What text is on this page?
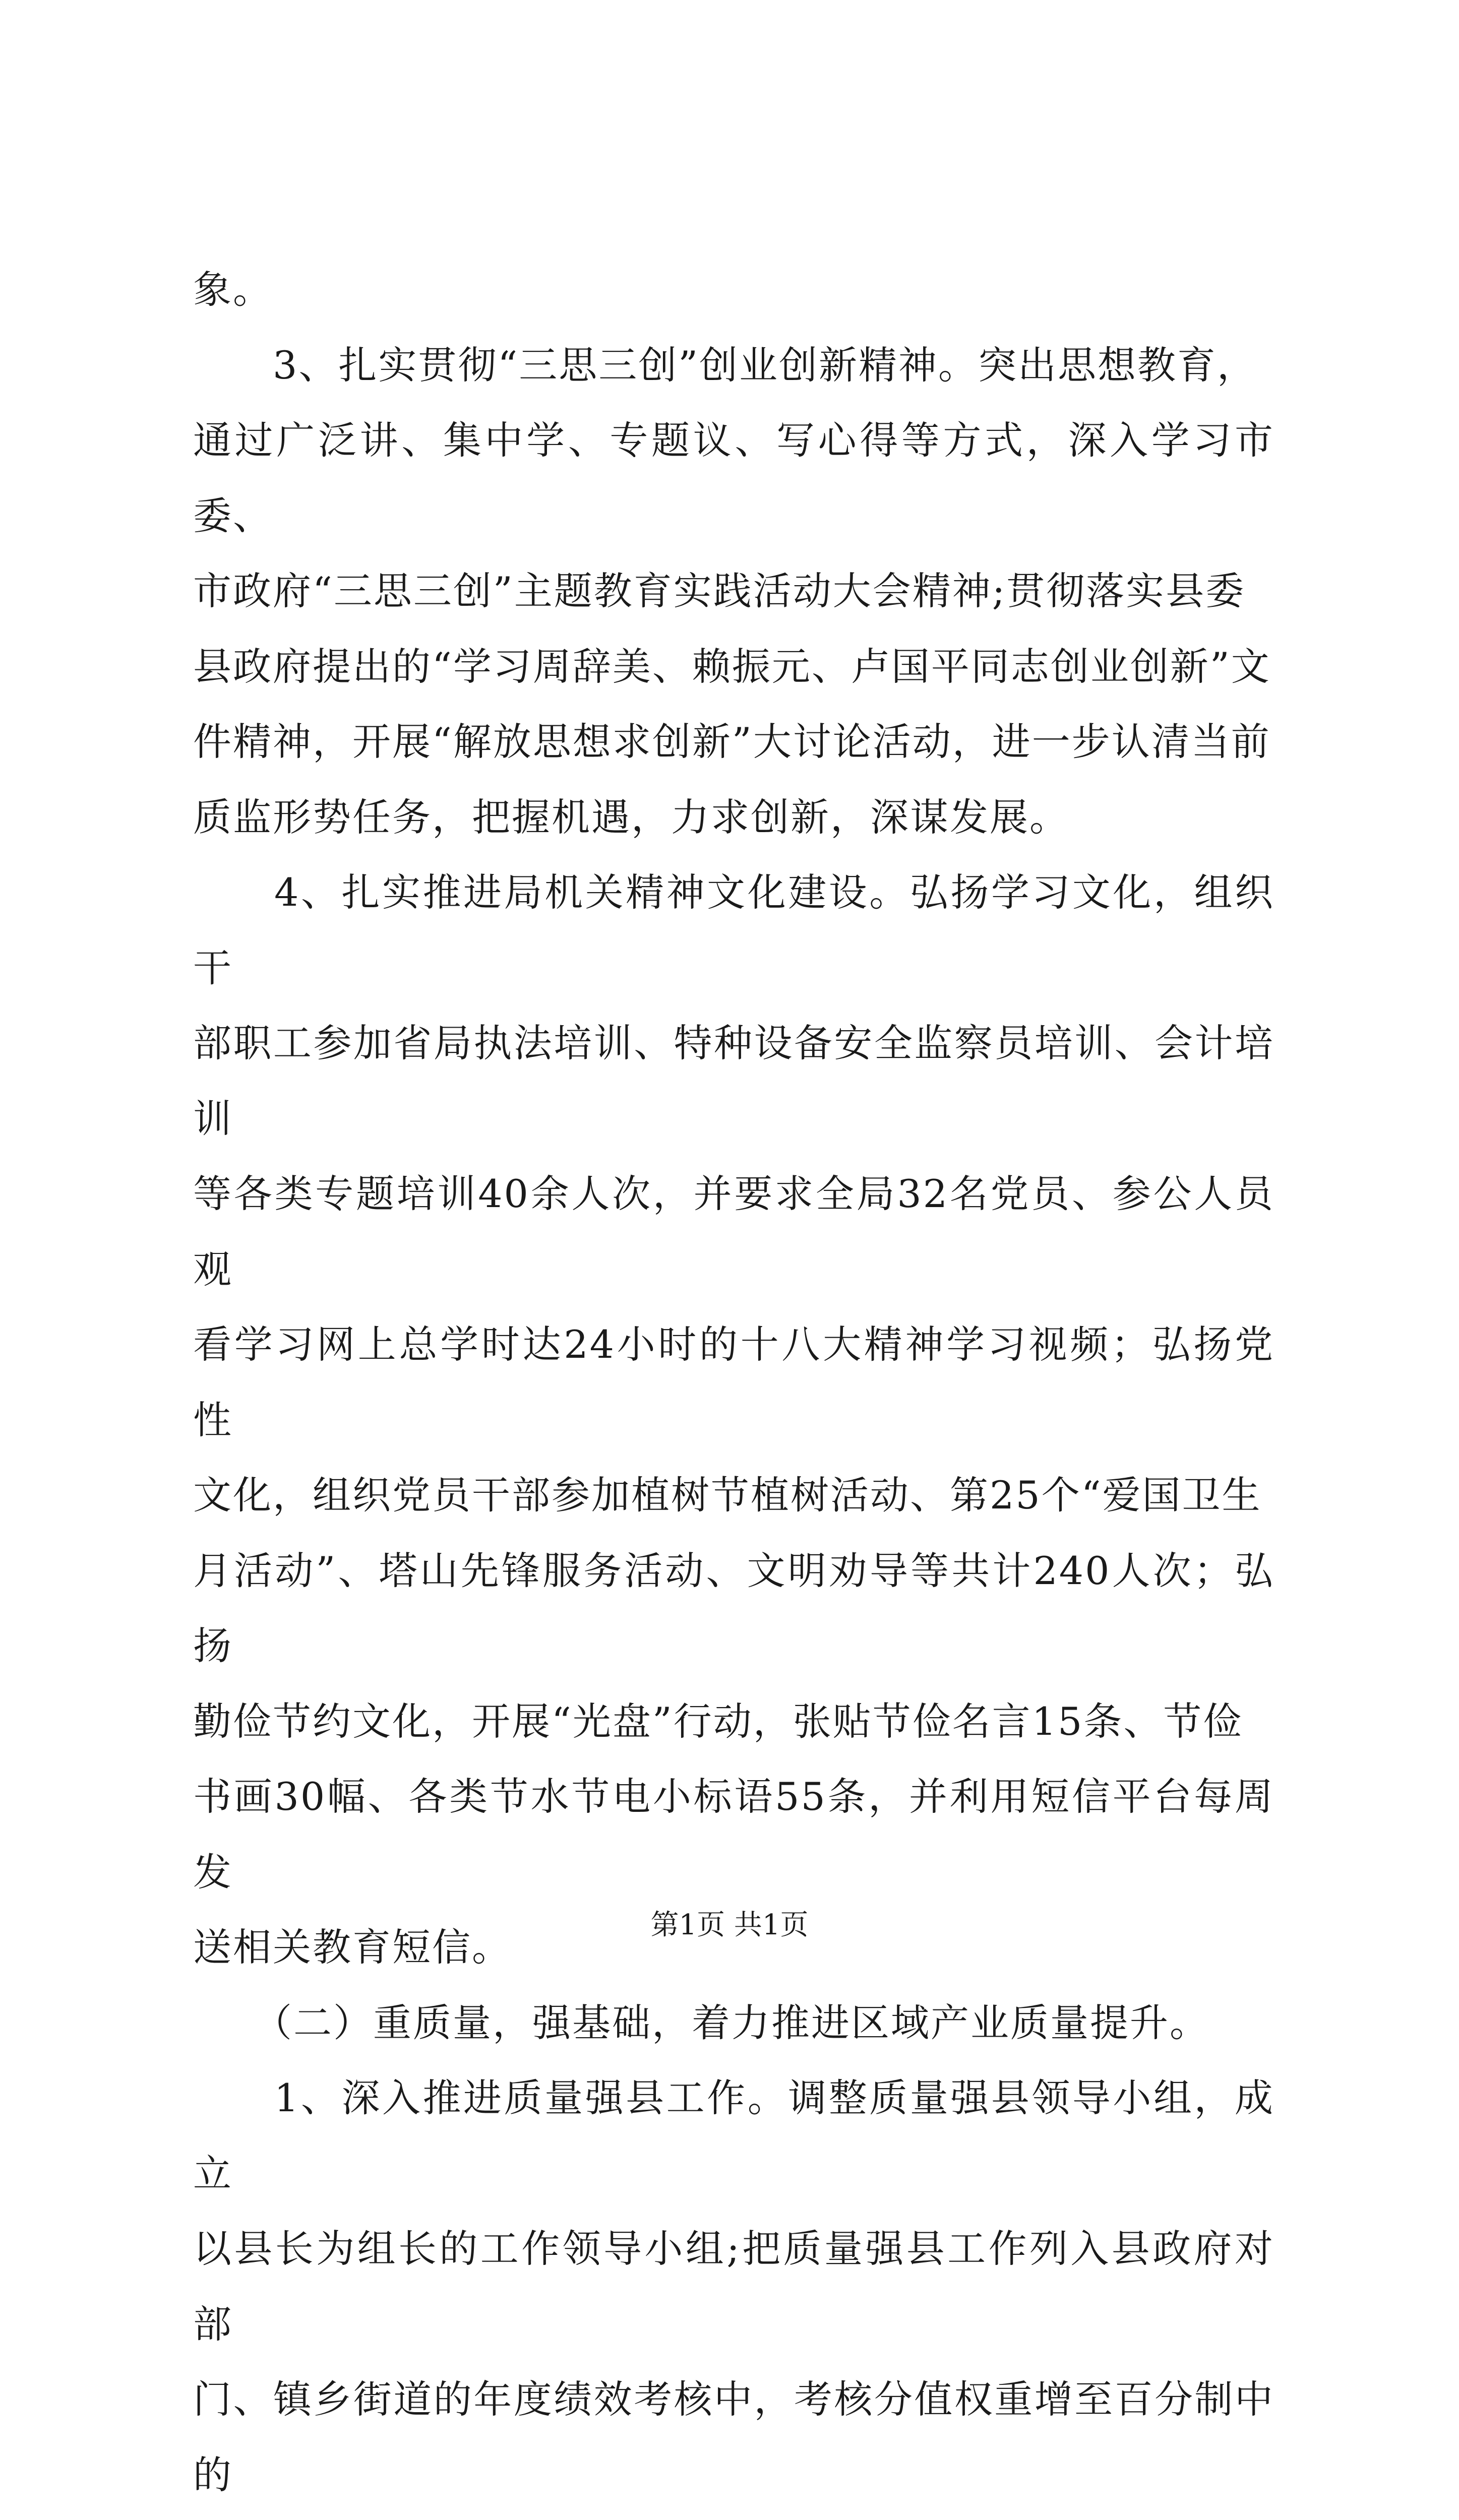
象。

　　3、扎实贯彻“三思三创”创业创新精神。突出思想教育，

通过广泛讲、集中学、专题议、写心得等方式，深入学习市委、

市政府“三思三创”主题教育实践活动大会精神;贯彻落实县委

县政府提出的“学习周辞美、赖振元、卢国平同志创业创新”文

件精神，开展“解放思想求创新”大讨论活动，进一步认清当前

质监形势任务，把握机遇，力求创新，深谋发展。

　　4、扎实推进局机关精神文化建设。弘扬学习文化，组织干

部职工参加省局执法培训、特种设备安全监察员培训、会计培训

等各类专题培训40余人次，并要求全局32名党员、参公人员观

看学习网上总学时达24小时的十八大精神学习视频；弘扬党性

文化，组织党员干部参加植树节植树活动、第25个“爱国卫生

月活动”、塔山先锋服务活动、文明劝导等共计240人次；弘扬

勤俭节约文化，开展“光盘”行动，张贴节俭名言15条、节俭

书画30幅、各类节水节电小标语55条，并利用短信平台每周发

送相关教育短信。

　　（二）重质量，强基础，着力推进区域产业质量提升。

　　1、深入推进质量强县工作。调整质量强县领导小组，成立

以县长为组长的工作领导小组;把质量强县工作列入县政府对部

门、镇乡街道的年度绩效考核中，考核分值权重增至百分制中的

第1页 共1页
